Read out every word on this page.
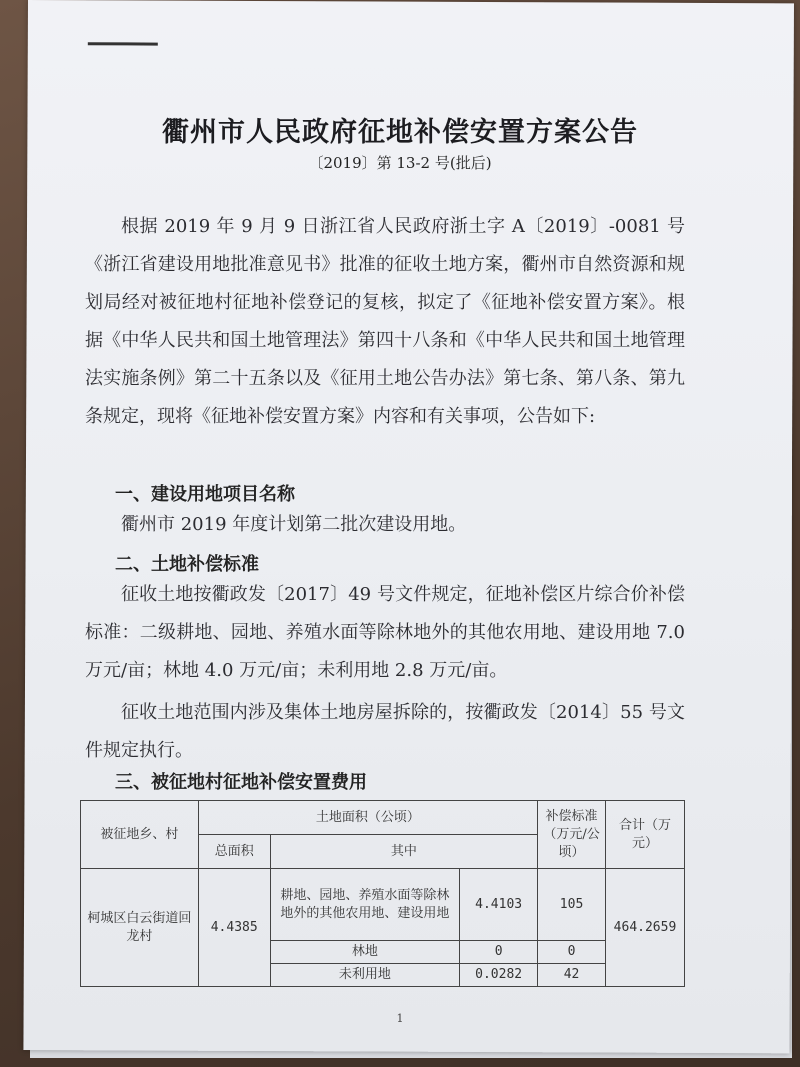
衢州市人民政府征地补偿安置方案公告
〔2019〕第 13-2 号(批后)
根据 2019 年 9 月 9 日浙江省人民政府浙土字 A〔2019〕-0081 号《浙江省建设用地批准意见书》批准的征收土地方案，衢州市自然资源和规划局经对被征地村征地补偿登记的复核，拟定了《征地补偿安置方案》。根据《中华人民共和国土地管理法》第四十八条和《中华人民共和国土地管理法实施条例》第二十五条以及《征用土地公告办法》第七条、第八条、第九条规定，现将《征地补偿安置方案》内容和有关事项，公告如下:
一、建设用地项目名称
衢州市 2019 年度计划第二批次建设用地。
二、土地补偿标准
征收土地按衢政发〔2017〕49 号文件规定，征地补偿区片综合价补偿标准：二级耕地、园地、养殖水面等除林地外的其他农用地、建设用地 7.0 万元/亩；林地 4.0 万元/亩；未利用地 2.8 万元/亩。
征收土地范围内涉及集体土地房屋拆除的，按衢政发〔2014〕55 号文件规定执行。
三、被征地村征地补偿安置费用
被征地乡、村	土地面积（公顷）			补偿标准（万元/公顷）	合计（万元）
	总面积	其中			
柯城区白云街道回龙村	4.4385	耕地、园地、养殖水面等除林地外的其他农用地、建设用地	4.4103	105	464.2659
		林地	0	0	
		未利用地	0.0282	42	
1
